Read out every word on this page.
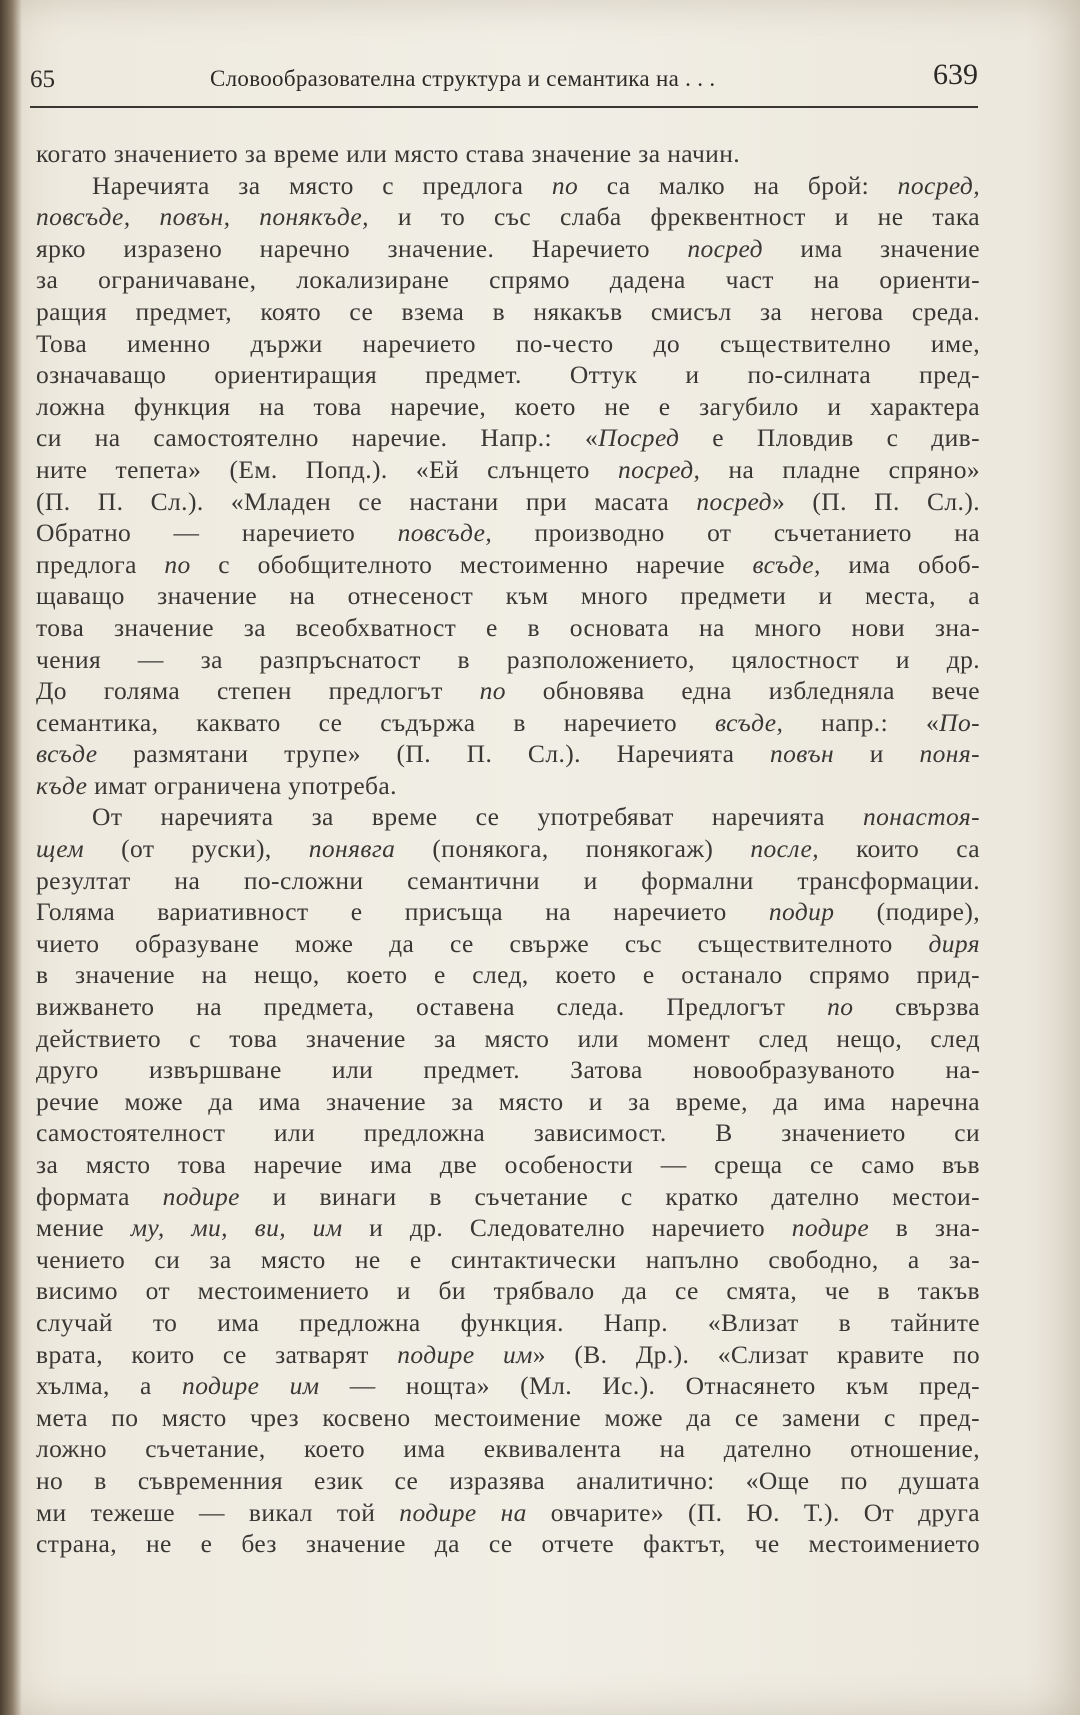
65	Словообразователна структура и семантика на . . .	639
когато значението за време или място става значение за начин.
Наречията за място с предлога по са малко на брой: посред,
повсъде, повън, понякъде, и то със слаба фреквентност и не така
ярко изразено наречно значение. Наречието посред има значение
за ограничаване, локализиране спрямо дадена част на ориенти-
ращия предмет, която се взема в някакъв смисъл за негова среда.
Това именно държи наречието по-често до съществително име,
означаващо ориентиращия предмет. Оттук и по-силната пред-
ложна функция на това наречие, което не е загубило и характера
си на самостоятелно наречие. Напр.: «Посред е Пловдив с див-
ните тепета» (Ем. Попд.). «Ей слънцето посред, на пладне спряно»
(П. П. Сл.). «Младен се настани при масата посред» (П. П. Сл.).
Обратно — наречието повсъде, производно от съчетанието на
предлога по с обобщителното местоименно наречие всъде, има обоб-
щаващо значение на отнесеност към много предмети и места, а
това значение за всеобхватност е в основата на много нови зна-
чения — за разпръснатост в разположението, цялостност и др.
До голяма степен предлогът по обновява една избледняла вече
семантика, каквато се съдържа в наречието всъде, напр.: «По-
всъде размятани трупе» (П. П. Сл.). Наречията повън и поня-
къде имат ограничена употреба.
От наречията за време се употребяват наречията понастоя-
щем (от руски), понявга (понякога, понякогаж) после, които са
резултат на по-сложни семантични и формални трансформации.
Голяма вариативност е присъща на наречието подир (подире),
чието образуване може да се свърже със съществителното диря
в значение на нещо, което е след, което е останало спрямо прид-
вижването на предмета, оставена следа. Предлогът по свързва
действието с това значение за място или момент след нещо, след
друго извършване или предмет. Затова новообразуваното на-
речие може да има значение за място и за време, да има наречна
самостоятелност или предложна зависимост. В значението си
за място това наречие има две особености — среща се само във
формата подире и винаги в съчетание с кратко дателно местои-
мение му, ми, ви, им и др. Следователно наречието подире в зна-
чението си за място не е синтактически напълно свободно, а за-
висимо от местоимението и би трябвало да се смята, че в такъв
случай то има предложна функция. Напр. «Влизат в тайните
врата, които се затварят подире им» (В. Др.). «Слизат кравите по
хълма, а подире им — нощта» (Мл. Ис.). Отнасянето към пред-
мета по място чрез косвено местоимение може да се замени с пред-
ложно съчетание, което има еквивалента на дателно отношение,
но в съвременния език се изразява аналитично: «Още по душата
ми тежеше — викал той подире на овчарите» (П. Ю. Т.). От друга
страна, не е без значение да се отчете фактът, че местоимението
